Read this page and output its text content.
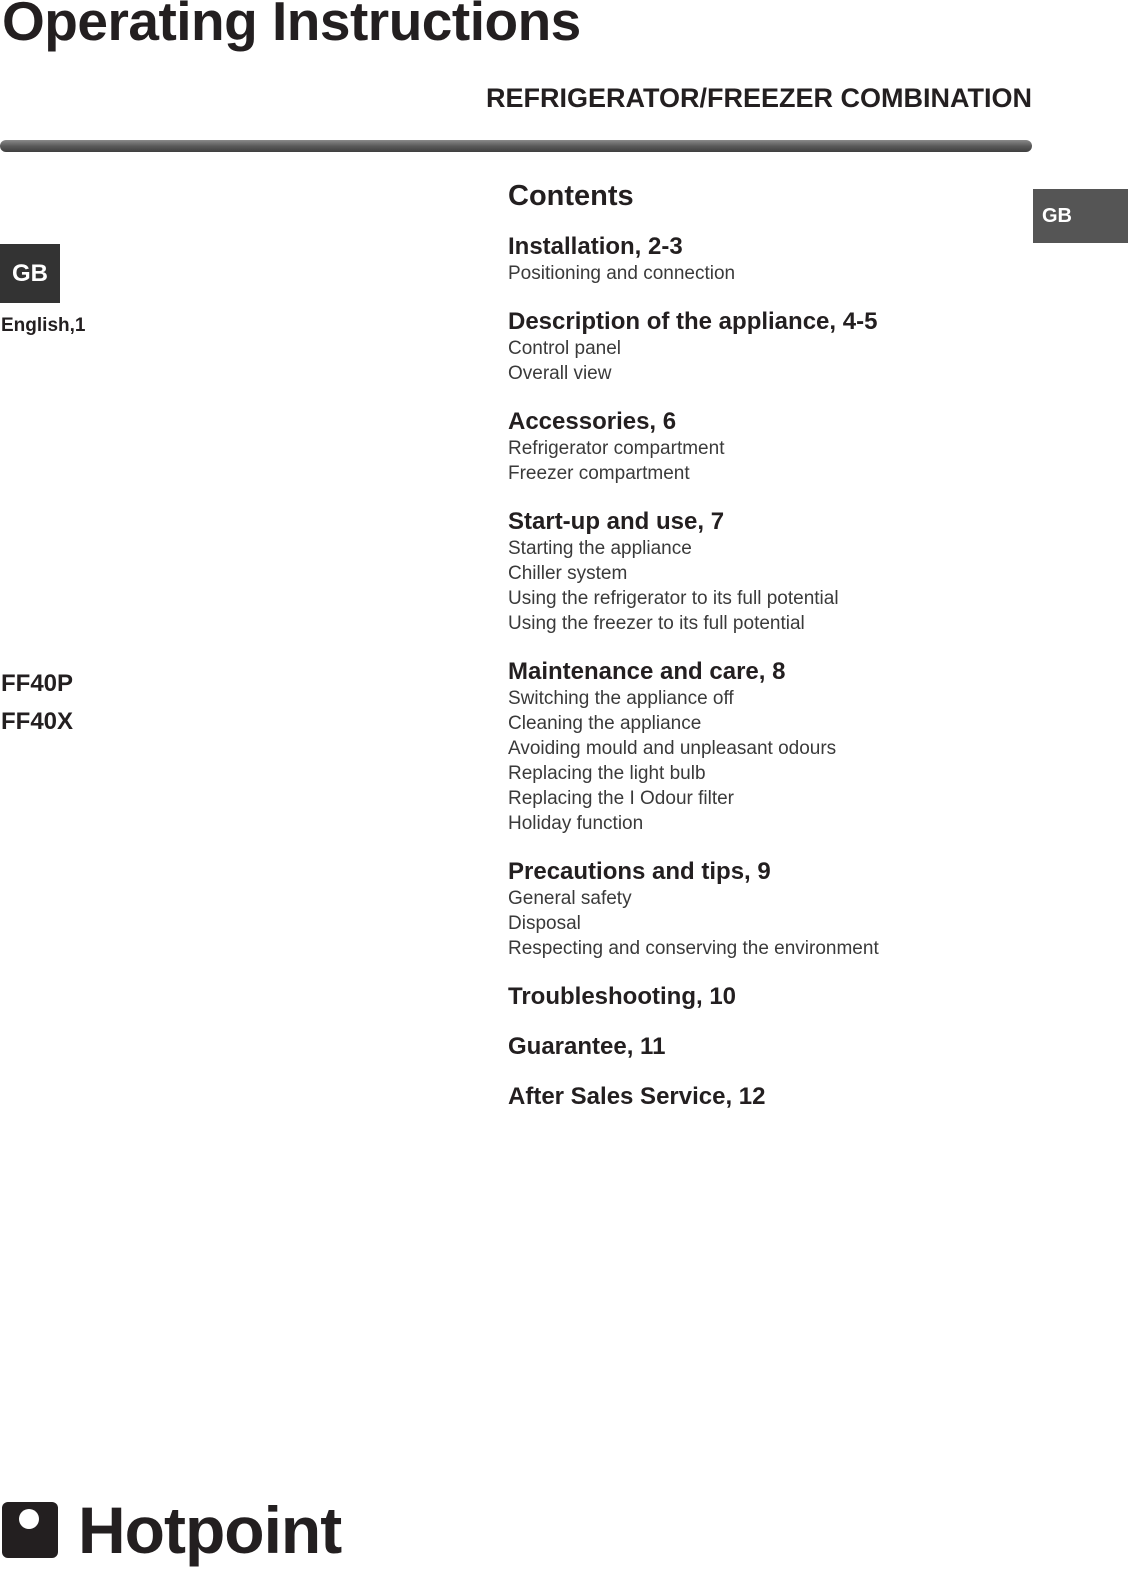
Operating Instructions
REFRIGERATOR/FREEZER COMBINATION
GB
GB
English,1
FF40P
FF40X
Contents
Installation, 2-3
Positioning and connection
Description of the appliance, 4-5
Control panel
Overall view
Accessories, 6
Refrigerator compartment
Freezer compartment
Start-up and use, 7
Starting the appliance
Chiller system
Using the refrigerator to its full potential
Using the freezer to its full potential
Maintenance and care, 8
Switching the appliance off
Cleaning the appliance
Avoiding mould and unpleasant odours
Replacing the light bulb
Replacing the I Odour filter
Holiday function
Precautions and tips, 9
General safety
Disposal
Respecting and conserving the environment
Troubleshooting, 10
Guarantee, 11
After Sales Service, 12
Hotpoint
